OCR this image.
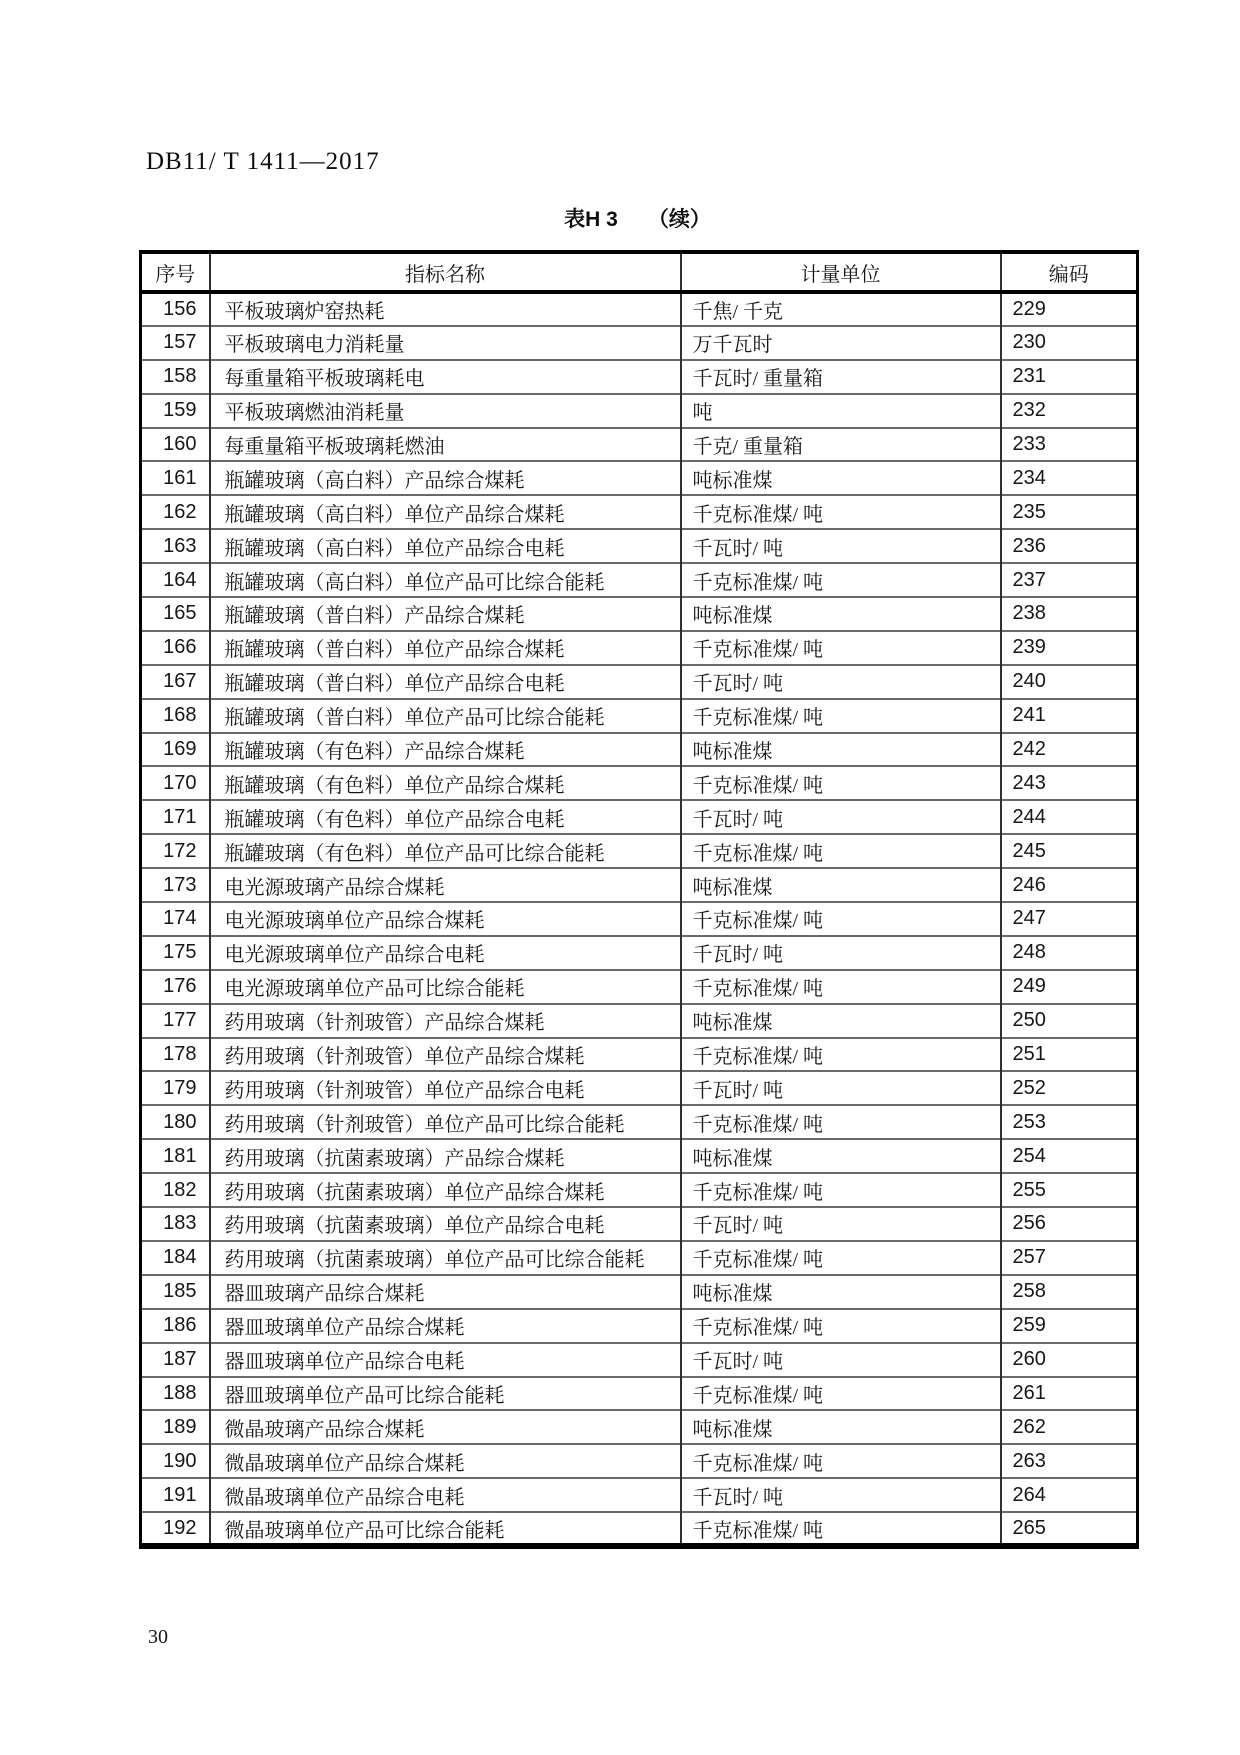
DB11/ T 1411—2017
表H 3 （续）
序号	指标名称	计量单位	编码
156	平板玻璃炉窑热耗	千焦/ 千克	229
157	平板玻璃电力消耗量	万千瓦时	230
158	每重量箱平板玻璃耗电	千瓦时/ 重量箱	231
159	平板玻璃燃油消耗量	吨	232
160	每重量箱平板玻璃耗燃油	千克/ 重量箱	233
161	瓶罐玻璃（高白料）产品综合煤耗	吨标准煤	234
162	瓶罐玻璃（高白料）单位产品综合煤耗	千克标准煤/ 吨	235
163	瓶罐玻璃（高白料）单位产品综合电耗	千瓦时/ 吨	236
164	瓶罐玻璃（高白料）单位产品可比综合能耗	千克标准煤/ 吨	237
165	瓶罐玻璃（普白料）产品综合煤耗	吨标准煤	238
166	瓶罐玻璃（普白料）单位产品综合煤耗	千克标准煤/ 吨	239
167	瓶罐玻璃（普白料）单位产品综合电耗	千瓦时/ 吨	240
168	瓶罐玻璃（普白料）单位产品可比综合能耗	千克标准煤/ 吨	241
169	瓶罐玻璃（有色料）产品综合煤耗	吨标准煤	242
170	瓶罐玻璃（有色料）单位产品综合煤耗	千克标准煤/ 吨	243
171	瓶罐玻璃（有色料）单位产品综合电耗	千瓦时/ 吨	244
172	瓶罐玻璃（有色料）单位产品可比综合能耗	千克标准煤/ 吨	245
173	电光源玻璃产品综合煤耗	吨标准煤	246
174	电光源玻璃单位产品综合煤耗	千克标准煤/ 吨	247
175	电光源玻璃单位产品综合电耗	千瓦时/ 吨	248
176	电光源玻璃单位产品可比综合能耗	千克标准煤/ 吨	249
177	药用玻璃（针剂玻管）产品综合煤耗	吨标准煤	250
178	药用玻璃（针剂玻管）单位产品综合煤耗	千克标准煤/ 吨	251
179	药用玻璃（针剂玻管）单位产品综合电耗	千瓦时/ 吨	252
180	药用玻璃（针剂玻管）单位产品可比综合能耗	千克标准煤/ 吨	253
181	药用玻璃（抗菌素玻璃）产品综合煤耗	吨标准煤	254
182	药用玻璃（抗菌素玻璃）单位产品综合煤耗	千克标准煤/ 吨	255
183	药用玻璃（抗菌素玻璃）单位产品综合电耗	千瓦时/ 吨	256
184	药用玻璃（抗菌素玻璃）单位产品可比综合能耗	千克标准煤/ 吨	257
185	器皿玻璃产品综合煤耗	吨标准煤	258
186	器皿玻璃单位产品综合煤耗	千克标准煤/ 吨	259
187	器皿玻璃单位产品综合电耗	千瓦时/ 吨	260
188	器皿玻璃单位产品可比综合能耗	千克标准煤/ 吨	261
189	微晶玻璃产品综合煤耗	吨标准煤	262
190	微晶玻璃单位产品综合煤耗	千克标准煤/ 吨	263
191	微晶玻璃单位产品综合电耗	千瓦时/ 吨	264
192	微晶玻璃单位产品可比综合能耗	千克标准煤/ 吨	265
30
